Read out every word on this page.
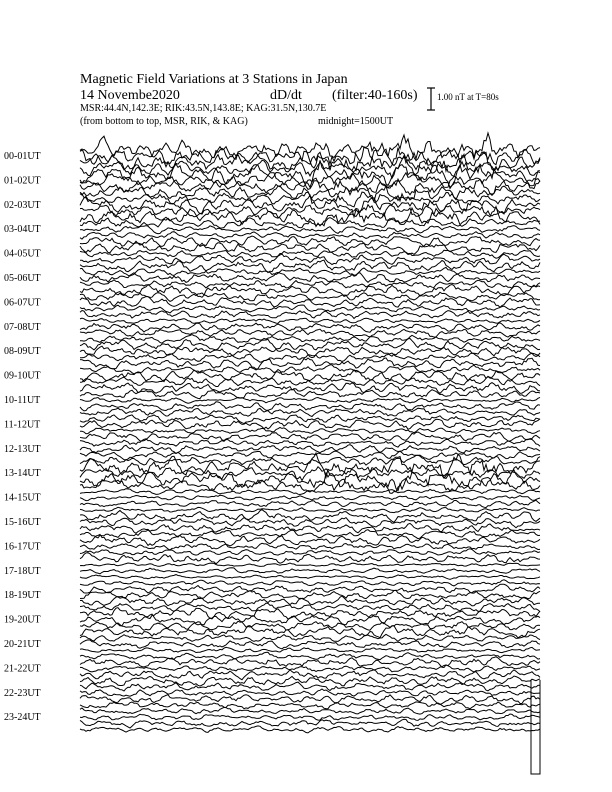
Magnetic Field Variations at 3 Stations in Japan
14 Novembe2020	dD/dt (filter:40-160s)
MSR:44.4N,142.3E; RIK:43.5N,143.8E; KAG:31.5N,130.7E
(from bottom to top, MSR, RIK, & KAG)	midnight=1500UT
1.00 nT at T=80s
00-01UT
01-02UT
02-03UT
03-04UT
04-05UT
05-06UT
06-07UT
07-08UT
08-09UT
09-10UT
10-11UT
11-12UT
12-13UT
13-14UT
14-15UT
15-16UT
16-17UT
17-18UT
18-19UT
19-20UT
20-21UT
21-22UT
22-23UT
23-24UT
